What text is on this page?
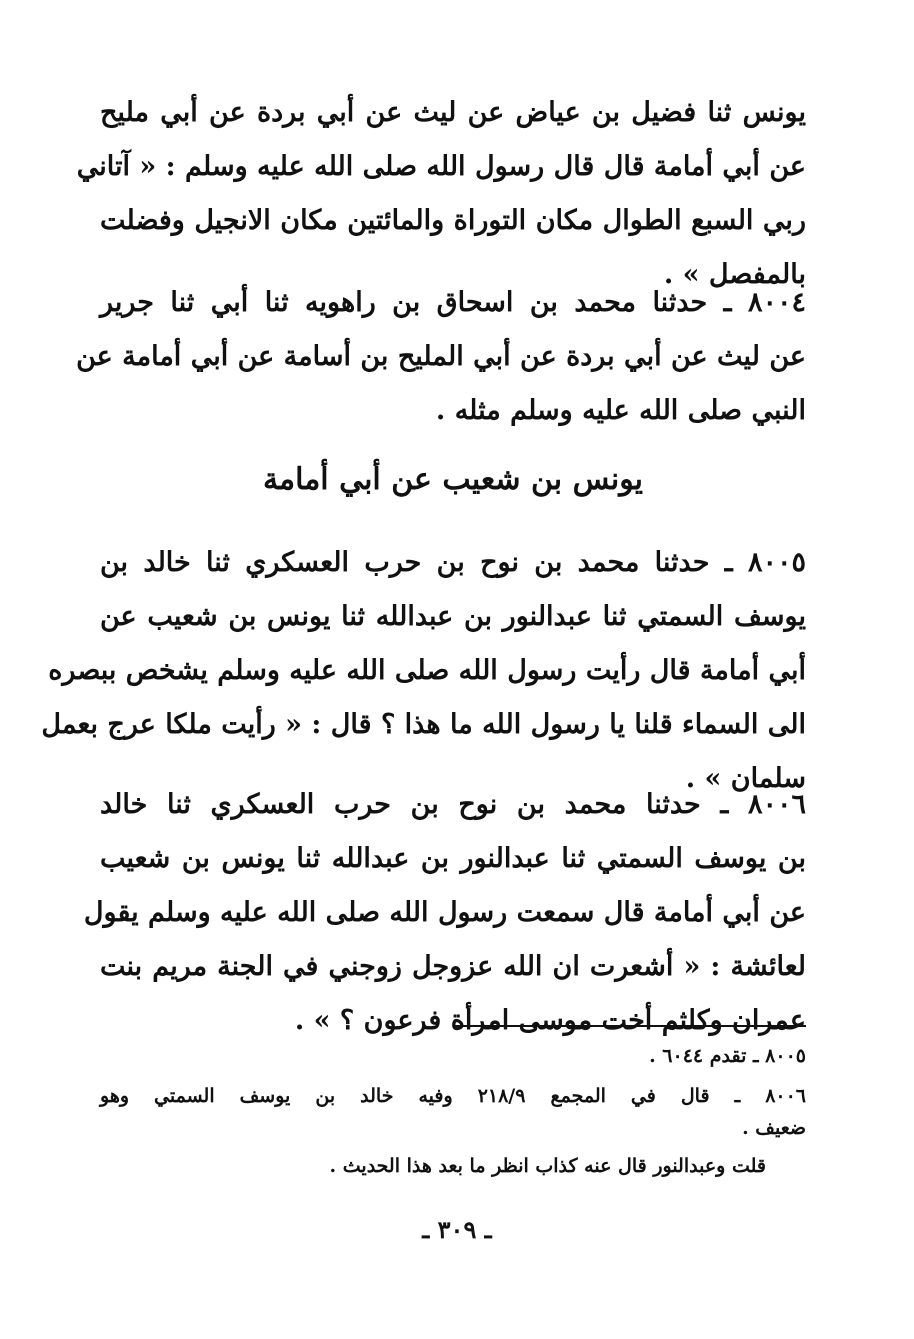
يونس ثنا فضيل بن عياض عن ليث عن أبي بردة عن أبي مليح
عن أبي أمامة قال قال رسول الله صلى الله عليه وسلم : « آتاني
ربي السبع الطوال مكان التوراة والمائتين مكان الانجيل وفضلت
بالمفصل » .
٨٠٠٤ ـ حدثنا محمد بن اسحاق بن راهويه ثنا أبي ثنا جرير
عن ليث عن أبي بردة عن أبي المليح بن أسامة عن أبي أمامة عن
النبي صلى الله عليه وسلم مثله .
يونس بن شعيب عن أبي أمامة
٨٠٠٥ ـ حدثنا محمد بن نوح بن حرب العسكري ثنا خالد بن
يوسف السمتي ثنا عبدالنور بن عبدالله ثنا يونس بن شعيب عن
أبي أمامة قال رأيت رسول الله صلى الله عليه وسلم يشخص ببصره
الى السماء قلنا يا رسول الله ما هذا ؟ قال : « رأيت ملكا عرج بعمل
سلمان » .
٨٠٠٦ ـ حدثنا محمد بن نوح بن حرب العسكري ثنا خالد
بن يوسف السمتي ثنا عبدالنور بن عبدالله ثنا يونس بن شعيب
عن أبي أمامة قال سمعت رسول الله صلى الله عليه وسلم يقول
لعائشة : « أشعرت ان الله عزوجل زوجني في الجنة مريم بنت
عمران وكلثم أخت موسى امرأة فرعون ؟ » .
٨٠٠٥ ـ تقدم ٦٠٤٤ .
٨٠٠٦ ـ قال في المجمع ٢١٨/٩ وفيه خالد بن يوسف السمتي وهو
ضعيف .
قلت وعبدالنور قال عنه كذاب انظر ما بعد هذا الحديث .
ـ ٣٠٩ ـ
